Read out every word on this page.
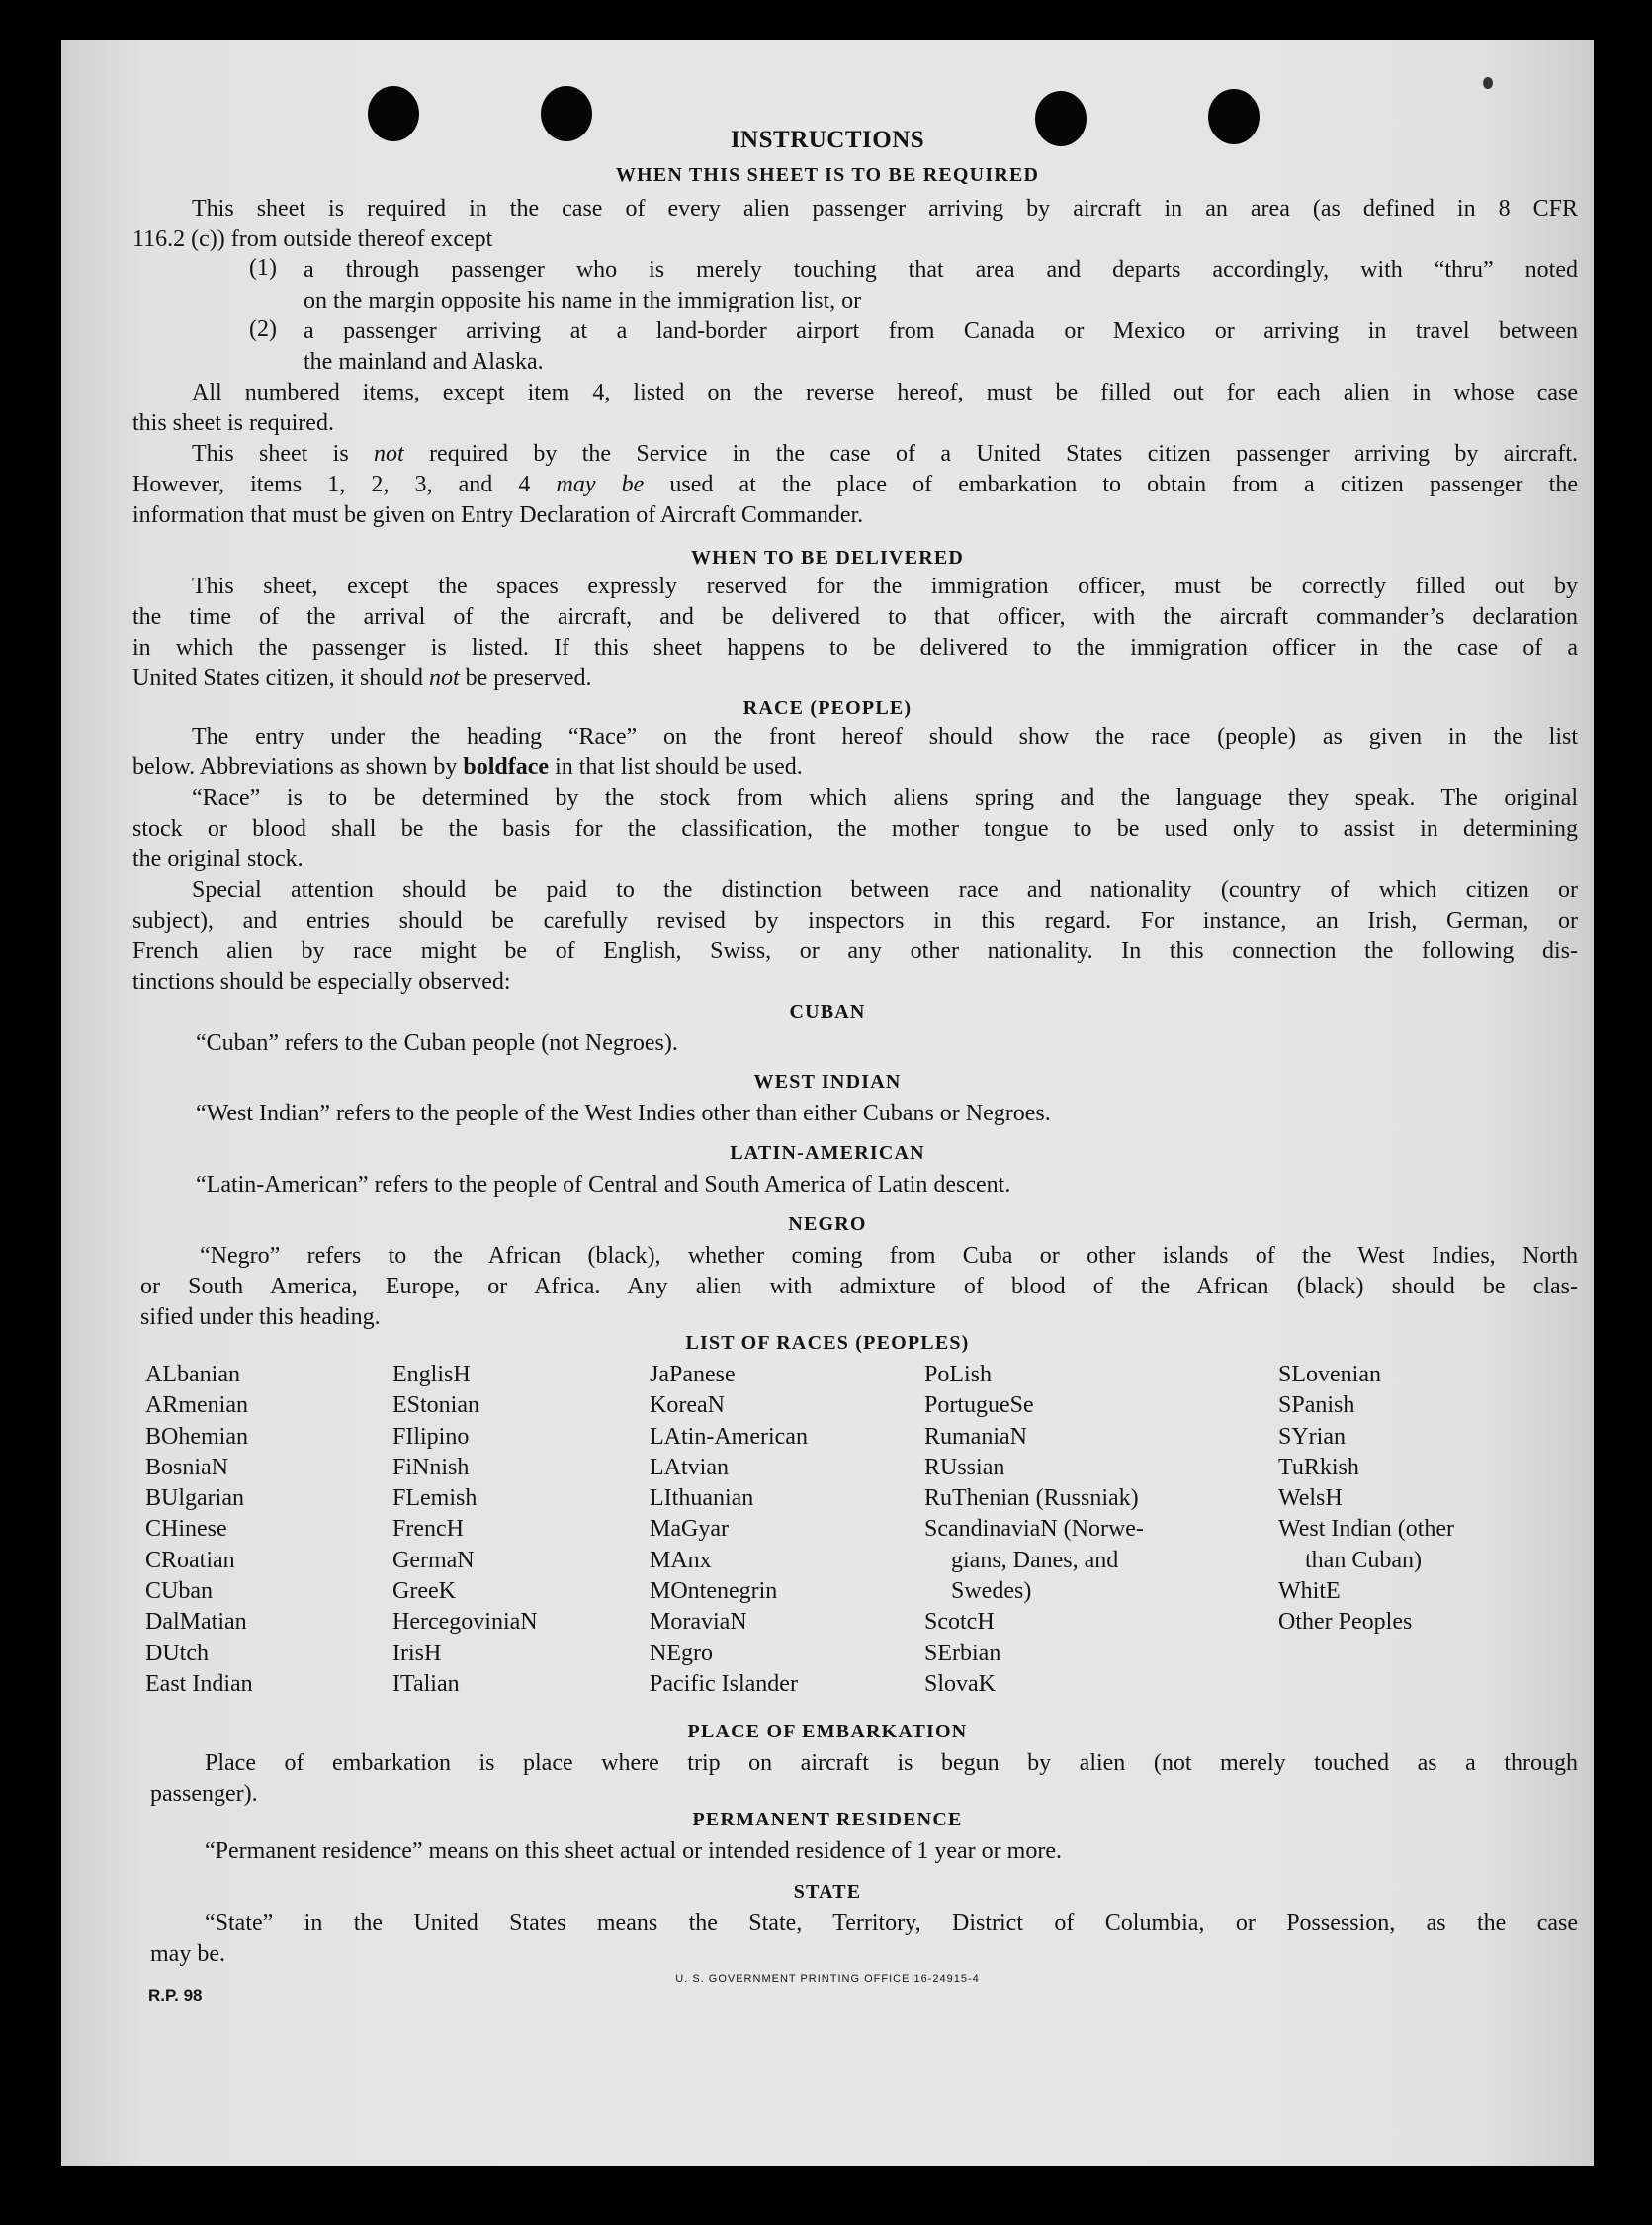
INSTRUCTIONS
WHEN THIS SHEET IS TO BE REQUIRED
This sheet is required in the case of every alien passenger arriving by aircraft in an area (as defined in 8 CFR
116.2 (c)) from outside thereof except
(1) a through passenger who is merely touching that area and departs accordingly, with “thru” noted
on the margin opposite his name in the immigration list, or
(2) a passenger arriving at a land-border airport from Canada or Mexico or arriving in travel between
the mainland and Alaska.
All numbered items, except item 4, listed on the reverse hereof, must be filled out for each alien in whose case
this sheet is required.
This sheet is not required by the Service in the case of a United States citizen passenger arriving by aircraft.
However, items 1, 2, 3, and 4 may be used at the place of embarkation to obtain from a citizen passenger the
information that must be given on Entry Declaration of Aircraft Commander.
WHEN TO BE DELIVERED
This sheet, except the spaces expressly reserved for the immigration officer, must be correctly filled out by
the time of the arrival of the aircraft, and be delivered to that officer, with the aircraft commander’s declaration
in which the passenger is listed. If this sheet happens to be delivered to the immigration officer in the case of a
United States citizen, it should not be preserved.
RACE (PEOPLE)
The entry under the heading “Race” on the front hereof should show the race (people) as given in the list
below. Abbreviations as shown by boldface in that list should be used.
“Race” is to be determined by the stock from which aliens spring and the language they speak. The original
stock or blood shall be the basis for the classification, the mother tongue to be used only to assist in determining
the original stock.
Special attention should be paid to the distinction between race and nationality (country of which citizen or
subject), and entries should be carefully revised by inspectors in this regard. For instance, an Irish, German, or
French alien by race might be of English, Swiss, or any other nationality. In this connection the following dis-
tinctions should be especially observed:
CUBAN
“Cuban” refers to the Cuban people (not Negroes).
WEST INDIAN
“West Indian” refers to the people of the West Indies other than either Cubans or Negroes.
LATIN-AMERICAN
“Latin-American” refers to the people of Central and South America of Latin descent.
NEGRO
“Negro” refers to the African (black), whether coming from Cuba or other islands of the West Indies, North
or South America, Europe, or Africa. Any alien with admixture of blood of the African (black) should be clas-
sified under this heading.
LIST OF RACES (PEOPLES)
ALbanian
ARmenian
BOhemian
BosniaN
BUlgarian
CHinese
CRoatian
CUban
DalMatian
DUtch
East Indian
EnglisH
EStonian
FIlipino
FiNnish
FLemish
FrencH
GermaN
GreeK
HercegoviniaN
IrisH
ITalian
JaPanese
KoreaN
LAtin-American
LAtvian
LIthuanian
MaGyar
MAnx
MOntenegrin
MoraviaN
NEgro
Pacific Islander
PoLish
PortugueSe
RumaniaN
RUssian
RuThenian (Russniak)
ScandinaviaN (Norwe-
gians, Danes, and
Swedes)
ScotcH
SErbian
SlovaK
SLovenian
SPanish
SYrian
TuRkish
WelsH
West Indian (other
than Cuban)
WhitE
Other Peoples
PLACE OF EMBARKATION
Place of embarkation is place where trip on aircraft is begun by alien (not merely touched as a through
passenger).
PERMANENT RESIDENCE
“Permanent residence” means on this sheet actual or intended residence of 1 year or more.
STATE
“State” in the United States means the State, Territory, District of Columbia, or Possession, as the case
may be.
U. S. GOVERNMENT PRINTING OFFICE 16-24915-4
R.P. 98
